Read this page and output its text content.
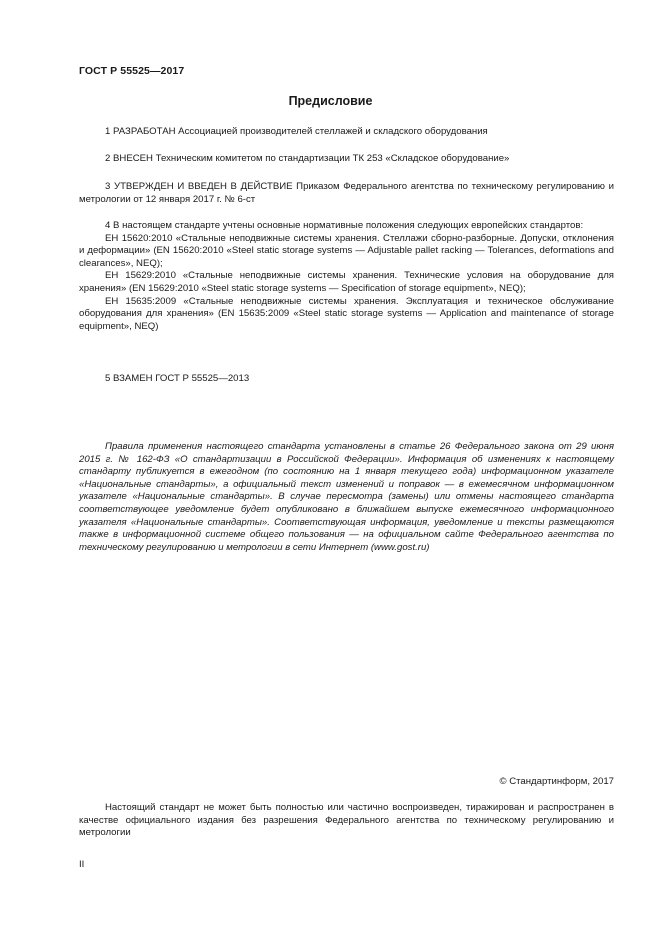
ГОСТ Р 55525—2017
Предисловие

1 РАЗРАБОТАН Ассоциацией производителей стеллажей и складского оборудования

2 ВНЕСЕН Техническим комитетом по стандартизации ТК 253 «Складское оборудование»

3 УТВЕРЖДЕН И ВВЕДЕН В ДЕЙСТВИЕ Приказом Федерального агентства по техническому регулированию и метрологии от 12 января 2017 г. № 6-ст

4 В настоящем стандарте учтены основные нормативные положения следующих европейских стандартов:

ЕН 15620:2010 «Стальные неподвижные системы хранения. Стеллажи сборно-разборные. Допуски, отклонения и деформации» (EN 15620:2010 «Steel static storage systems — Adjustable pallet racking — Tolerances, deformations and clearances», NEQ);

ЕН 15629:2010 «Стальные неподвижные системы хранения. Технические условия на оборудование для хранения» (EN 15629:2010 «Steel static storage systems — Specification of storage equipment», NEQ);

ЕН 15635:2009 «Стальные неподвижные системы хранения. Эксплуатация и техническое обслуживание оборудования для хранения» (EN 15635:2009 «Steel static storage systems — Application and maintenance of storage equipment», NEQ)

5 ВЗАМЕН ГОСТ Р 55525—2013

Правила применения настоящего стандарта установлены в статье 26 Федерального закона от 29 июня 2015 г. № 162-ФЗ «О стандартизации в Российской Федерации». Информация об изменениях к настоящему стандарту публикуется в ежегодном (по состоянию на 1 января текущего года) информационном указателе «Национальные стандарты», а официальный текст изменений и поправок — в ежемесячном информационном указателе «Национальные стандарты». В случае пересмотра (замены) или отмены настоящего стандарта соответствующее уведомление будет опубликовано в ближайшем выпуске ежемесячного информационного указателя «Национальные стандарты». Соответствующая информация, уведомление и тексты размещаются также в информационной системе общего пользования — на официальном сайте Федерального агентства по техническому регулированию и метрологии в сети Интернет (www.gost.ru)

© Стандартинформ, 2017

Настоящий стандарт не может быть полностью или частично воспроизведен, тиражирован и распространен в качестве официального издания без разрешения Федерального агентства по техническому регулированию и метрологии

II
